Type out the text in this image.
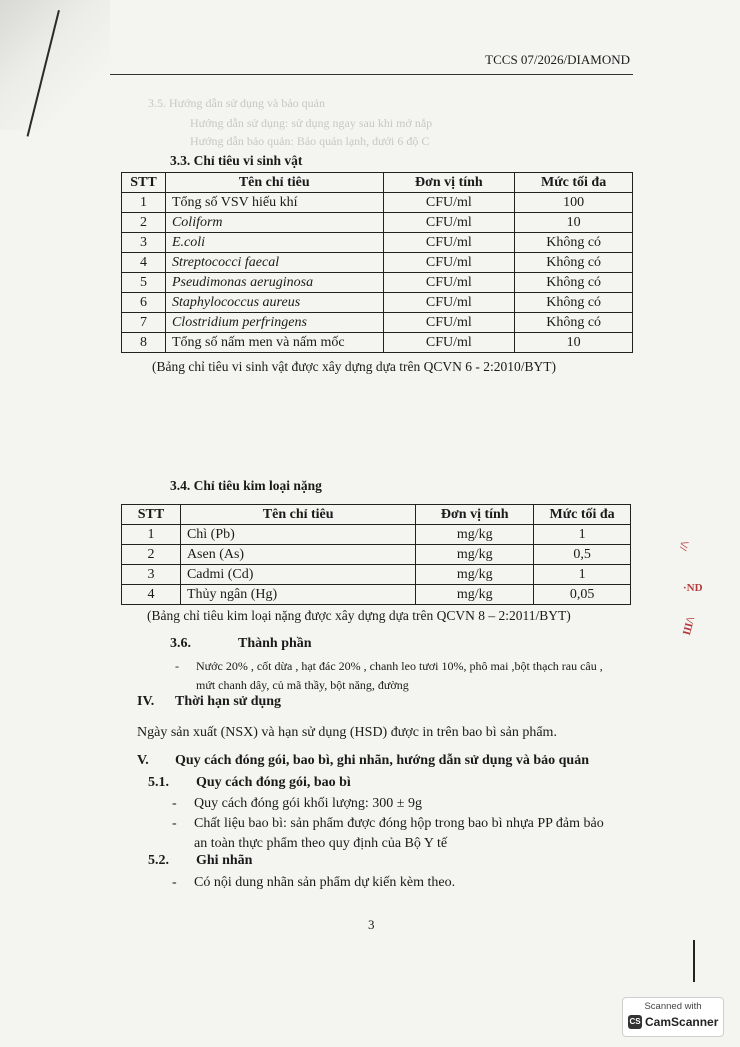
TCCS 07/2026/DIAMOND
3.5. Hướng dẫn sử dụng và bảo quản
Hướng dẫn sử dụng: sử dụng ngay sau khi mở nắp
Hướng dẫn bảo quản: Bảo quản lạnh, dưới 6 độ C
3.3. Chỉ tiêu vi sinh vật
STT	Tên chỉ tiêu	Đơn vị tính	Mức tối đa
1	Tổng số VSV hiếu khí	CFU/ml	100
2	Coliform	CFU/ml	10
3	E.coli	CFU/ml	Không có
4	Streptococci faecal	CFU/ml	Không có
5	Pseudimonas aeruginosa	CFU/ml	Không có
6	Staphylococcus aureus	CFU/ml	Không có
7	Clostridium perfringens	CFU/ml	Không có
8	Tổng số nấm men và nấm mốc	CFU/ml	10
(Bảng chỉ tiêu vi sinh vật được xây dựng dựa trên QCVN 6 - 2:2010/BYT)
3.4. Chỉ tiêu kim loại nặng
STT	Tên chỉ tiêu	Đơn vị tính	Mức tối đa
1	Chì (Pb)	mg/kg	1
2	Asen (As)	mg/kg	0,5
3	Cadmi (Cd)	mg/kg	1
4	Thủy ngân (Hg)	mg/kg	0,05
(Bảng chỉ tiêu kim loại nặng được xây dựng dựa trên QCVN 8 – 2:2011/BYT)
3.6.	Thành phần
- Nước 20% , cốt dừa , hạt đác 20% , chanh leo tươi 10%, phô mai ,bột thạch rau câu ,
mứt chanh dây, củ mã thầy, bột năng, đường
IV. Thời hạn sử dụng
Ngày sản xuất (NSX) và hạn sử dụng (HSD) được in trên bao bì sản phẩm.
V. Quy cách đóng gói, bao bì, ghi nhãn, hướng dẫn sử dụng và bảo quản
5.1. Quy cách đóng gói, bao bì
- Quy cách đóng gói khối lượng: 300 ± 9g
- Chất liệu bao bì: sản phẩm được đóng hộp trong bao bì nhựa PP đảm bảo
an toàn thực phẩm theo quy định của Bộ Y tế
5.2. Ghi nhãn
- Có nội dung nhãn sản phẩm dự kiến kèm theo.
3
//\
·ND
Ш/\
Scanned with
CS CamScanner
